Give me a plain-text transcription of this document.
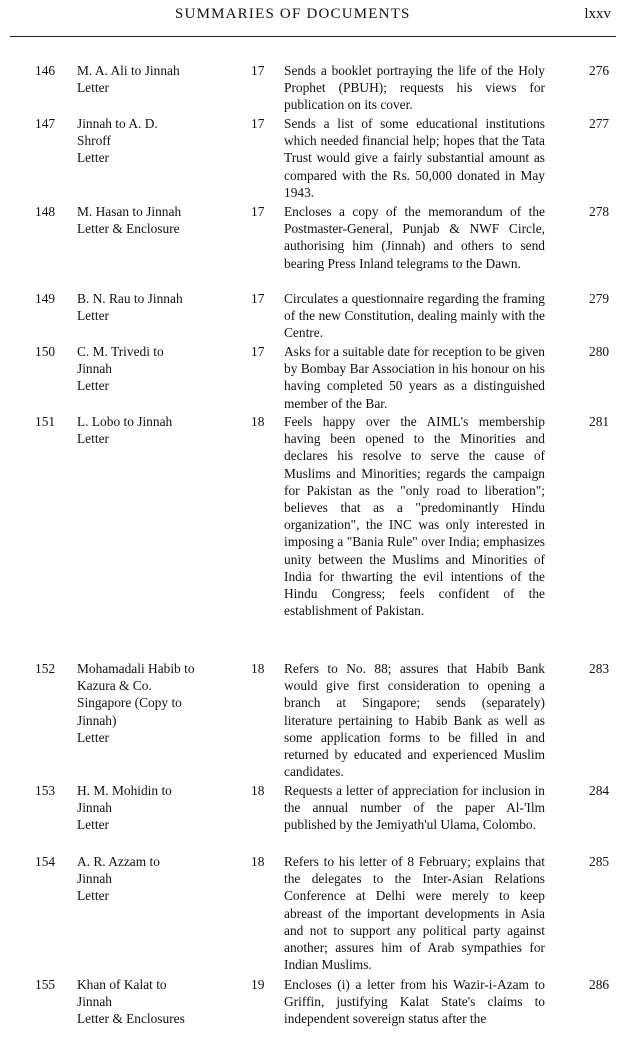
SUMMARIES OF DOCUMENTS	lxxv
146 M. A. Ali to Jinnah
Letter
17 Sends a booklet portraying the life of the Holy Prophet (PBUH); requests his views for publication on its cover.
276
147 Jinnah to A. D. Shroff
Letter
17 Sends a list of some educational institutions which needed financial help; hopes that the Tata Trust would give a fairly substantial amount as compared with the Rs. 50,000 donated in May 1943.
277
148 M. Hasan to Jinnah
Letter & Enclosure
17 Encloses a copy of the memorandum of the Postmaster-General, Punjab & NWF Circle, authorising him (Jinnah) and others to send bearing Press Inland telegrams to the Dawn.
278
149 B. N. Rau to Jinnah
Letter
17 Circulates a questionnaire regarding the framing of the new Constitution, dealing mainly with the Centre.
279
150 C. M. Trivedi to Jinnah
Letter
17 Asks for a suitable date for reception to be given by Bombay Bar Association in his honour on his having completed 50 years as a distinguished member of the Bar.
280
151 L. Lobo to Jinnah
Letter
18 Feels happy over the AIML's membership having been opened to the Minorities and declares his resolve to serve the cause of Muslims and Minorities; regards the campaign for Pakistan as the "only road to liberation"; believes that as a "predominantly Hindu organization", the INC was only interested in imposing a "Bania Rule" over India; emphasizes unity between the Muslims and Minorities of India for thwarting the evil intentions of the Hindu Congress; feels confident of the establishment of Pakistan.
281
152 Mohamadali Habib to Kazura & Co. Singapore (Copy to Jinnah)
Letter
18 Refers to No. 88; assures that Habib Bank would give first consideration to opening a branch at Singapore; sends (separately) literature pertaining to Habib Bank as well as some application forms to be filled in and returned by educated and experienced Muslim candidates.
283
153 H. M. Mohidin to Jinnah
Letter
18 Requests a letter of appreciation for inclusion in the annual number of the paper Al-'Ilm published by the Jemiyath'ul Ulama, Colombo.
284
154 A. R. Azzam to Jinnah
Letter
18 Refers to his letter of 8 February; explains that the delegates to the Inter-Asian Relations Conference at Delhi were merely to keep abreast of the important developments in Asia and not to support any political party against another; assures him of Arab sympathies for Indian Muslims.
285
155 Khan of Kalat to Jinnah
Letter & Enclosures
19 Encloses (i) a letter from his Wazir-i-Azam to Griffin, justifying Kalat State's claims to independent sovereign status after the
286
